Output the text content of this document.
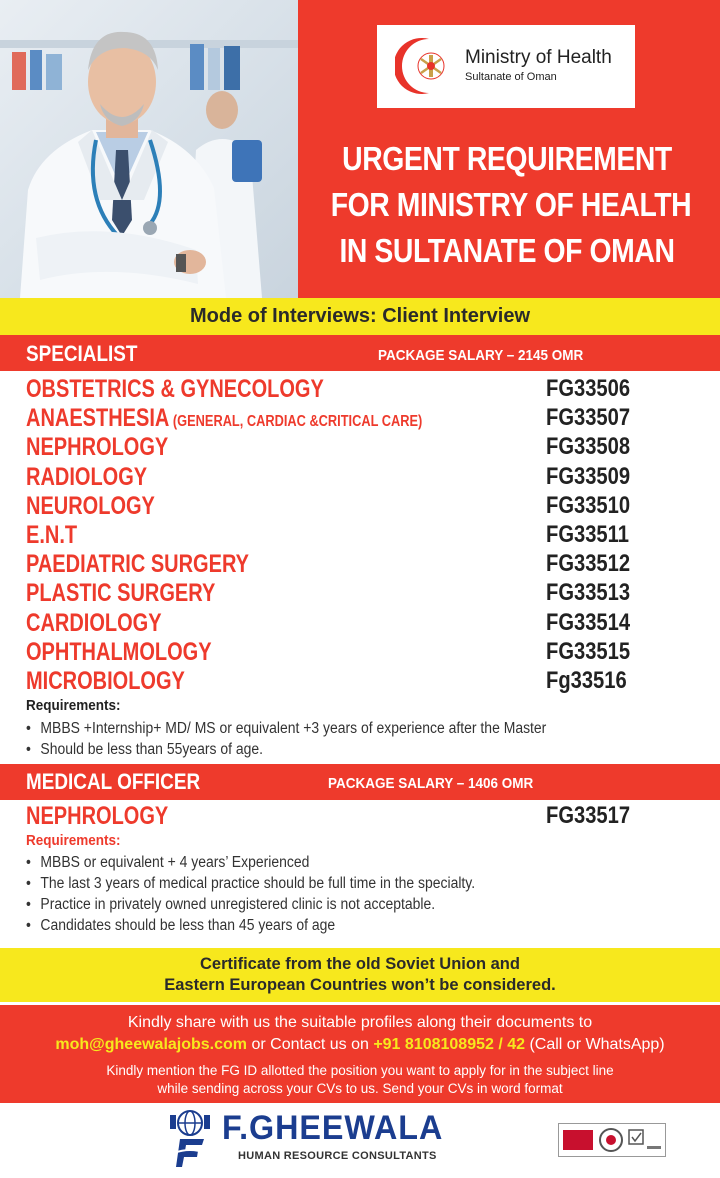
Ministry of Health
Sultanate of Oman
URGENT REQUIREMENT
FOR MINISTRY OF HEALTH
IN SULTANATE OF OMAN
Mode of Interviews: Client Interview
SPECIALIST	PACKAGE SALARY – 2145 OMR
OBSTETRICS & GYNECOLOGY	FG33506
ANAESTHESIA (GENERAL, CARDIAC &CRITICAL CARE)	FG33507
NEPHROLOGY	FG33508
RADIOLOGY	FG33509
NEUROLOGY	FG33510
E.N.T	FG33511
PAEDIATRIC SURGERY	FG33512
PLASTIC SURGERY	FG33513
CARDIOLOGY	FG33514
OPHTHALMOLOGY	FG33515
MICROBIOLOGY	Fg33516
Requirements:
• MBBS +Internship+ MD/ MS or equivalent +3 years of experience after the Master
• Should be less than 55years of age.
MEDICAL OFFICER	PACKAGE SALARY – 1406 OMR
NEPHROLOGY	FG33517
Requirements:
• MBBS or equivalent + 4 years’ Experienced
• The last 3 years of medical practice should be full time in the specialty.
• Practice in privately owned unregistered clinic is not acceptable.
• Candidates should be less than 45 years of age
Certificate from the old Soviet Union and
Eastern European Countries won’t be considered.
Kindly share with us the suitable profiles along their documents to
moh@gheewalajobs.com or Contact us on +91 8108108952 / 42 (Call or WhatsApp)
Kindly mention the FG ID allotted the position you want to apply for in the subject line
while sending across your CVs to us. Send your CVs in word format
F.GHEEWALA
HUMAN RESOURCE CONSULTANTS
